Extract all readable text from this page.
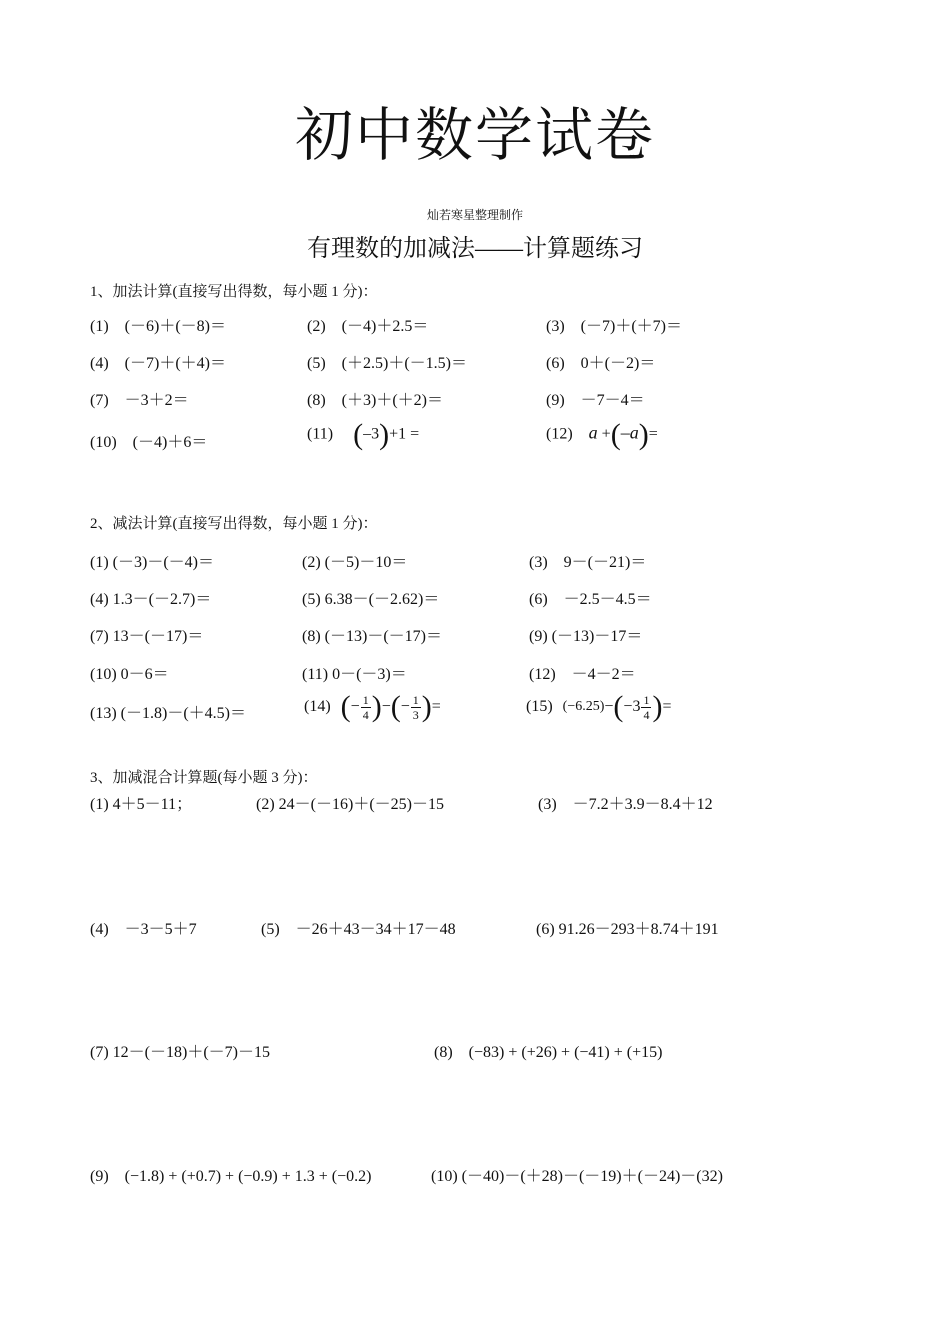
初中数学试卷
灿若寒星整理制作
有理数的加减法——计算题练习
1、加法计算(直接写出得数，每小题 1 分)：
(1)　(－6)＋(－8)＝	(2)　(－4)＋2.5＝	(3)　(－7)＋(＋7)＝
(4)　(－7)＋(＋4)＝	(5)　(＋2.5)＋(－1.5)＝	(6)　0＋(－2)＝
(7)　－3＋2＝	(8)　(＋3)＋(＋2)＝	(9)　－7－4＝
(10)　(－4)＋6＝	(11) (–3)+1 =	(12) a +(–a)=
2、减法计算(直接写出得数，每小题 1 分)：
(1) (－3)－(－4)＝	(2) (－5)－10＝	(3)　9－(－21)＝
(4) 1.3－(－2.7)＝	(5) 6.38－(－2.62)＝	(6)　－2.5－4.5＝
(7) 13－(－17)＝	(8) (－13)－(－17)＝	(9) (－13)－17＝
(10) 0－6＝	(11) 0－(－3)＝	(12)　－4－2＝
(13) (－1.8)－(＋4.5)＝	(14) ( − $\frac{1}{4}$ ) − ( − $\frac{1}{3}$ ) =	(15) (−6.25) − ( $-3 \frac{1}{4}$ ) =
3、加减混合计算题(每小题 3 分)：
(1) 4＋5－11；	(2) 24－(－16)＋(－25)－15	(3)　－7.2＋3.9－8.4＋12
(4)　－3－5＋7	(5)　－26＋43－34＋17－48	(6) 91.26－293＋8.74＋191
(7) 12－(－18)＋(－7)－15	(8)　(−83) + (+26) + (−41) + (+15)
(9)　(−1.8) + (+0.7) + (−0.9) + 1.3 + (−0.2)	(10) (－40)－(＋28)－(－19)＋(－24)－(32)
